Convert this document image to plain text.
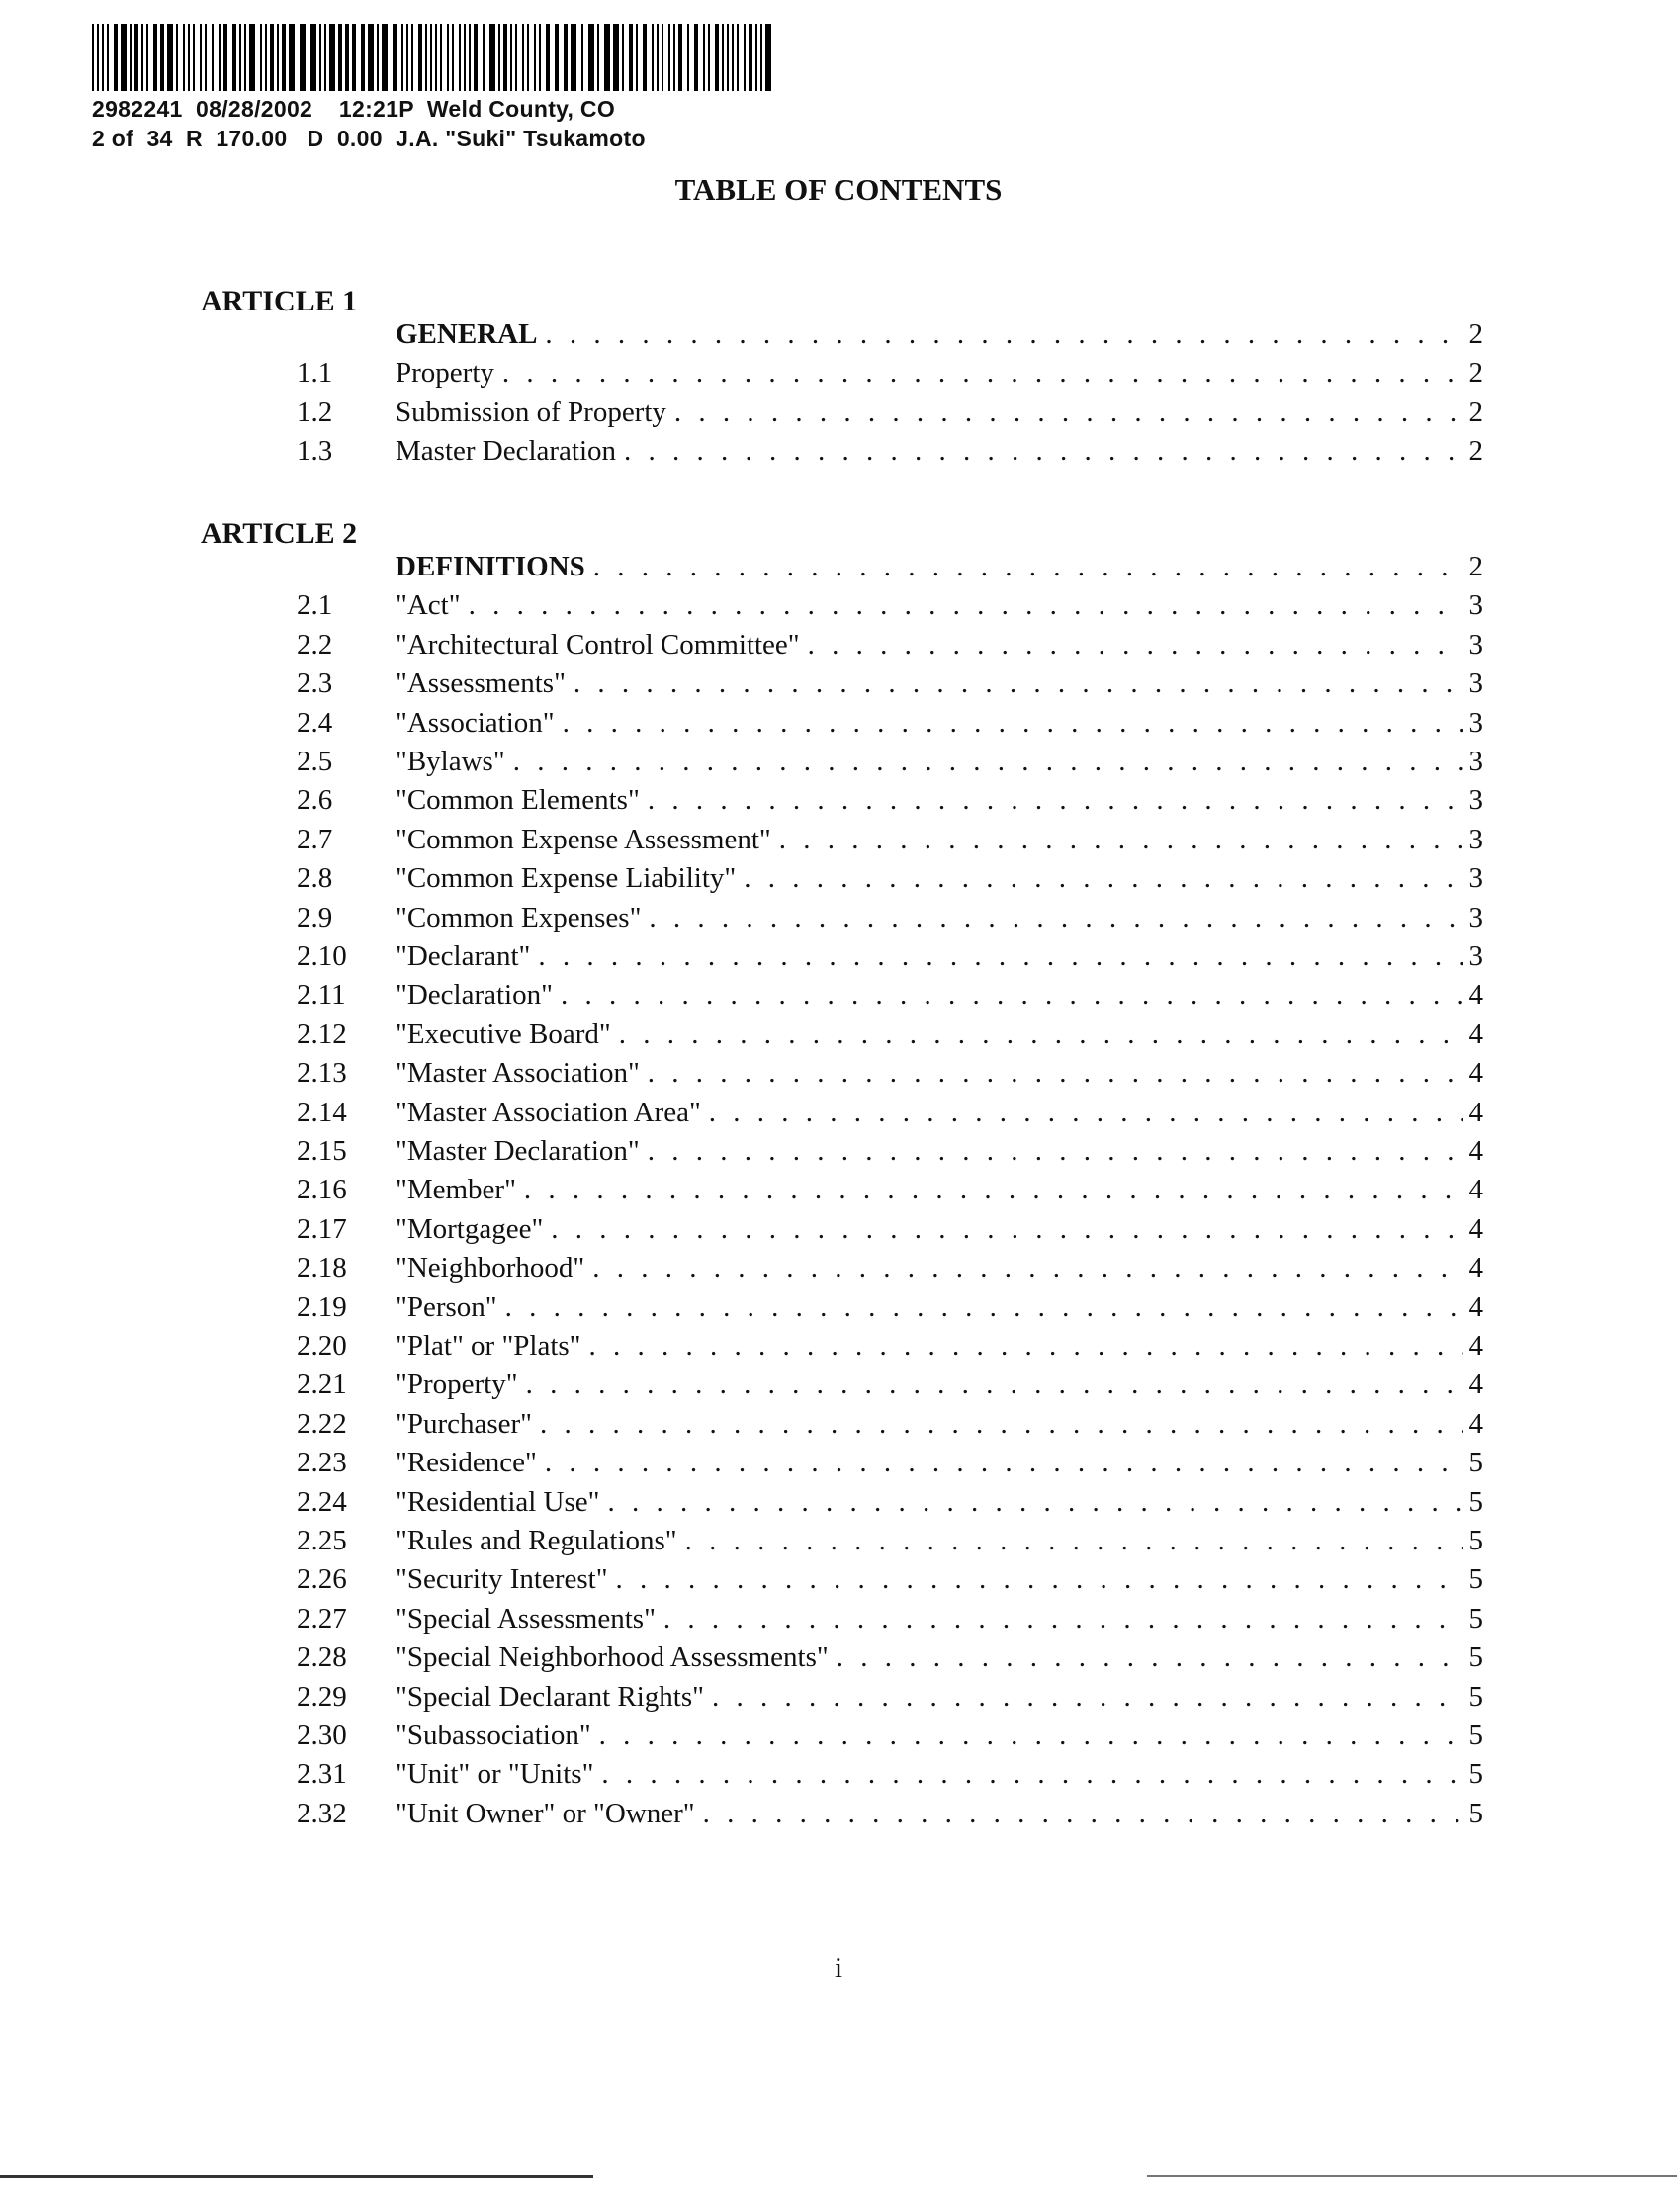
2982241  08/28/2002    12:21P  Weld County, CO
2 of  34  R  170.00   D  0.00  J.A. "Suki" Tsukamoto
TABLE OF CONTENTS
ARTICLE 1
GENERAL . . .	2
1.1	Property . . .	2
1.2	Submission of Property . . .	2
1.3	Master Declaration . . .	2
ARTICLE 2
DEFINITIONS . . .	2
2.1	"Act" . . .	3
2.2	"Architectural Control Committee" . . .	3
2.3	"Assessments" . . .	3
2.4	"Association" . . .	3
2.5	"Bylaws" . . .	3
2.6	"Common Elements" . . .	3
2.7	"Common Expense Assessment" . . .	3
2.8	"Common Expense Liability" . . .	3
2.9	"Common Expenses" . . .	3
2.10	"Declarant" . . .	3
2.11	"Declaration" . . .	4
2.12	"Executive Board" . . .	4
2.13	"Master Association" . . .	4
2.14	"Master Association Area" . . .	4
2.15	"Master Declaration" . . .	4
2.16	"Member" . . .	4
2.17	"Mortgagee" . . .	4
2.18	"Neighborhood" . . .	4
2.19	"Person" . . .	4
2.20	"Plat" or "Plats" . . .	4
2.21	"Property" . . .	4
2.22	"Purchaser" . . .	4
2.23	"Residence" . . .	5
2.24	"Residential Use" . . .	5
2.25	"Rules and Regulations" . . .	5
2.26	"Security Interest" . . .	5
2.27	"Special Assessments" . . .	5
2.28	"Special Neighborhood Assessments" . . .	5
2.29	"Special Declarant Rights" . . .	5
2.30	"Subassociation" . . .	5
2.31	"Unit" or "Units" . . .	5
2.32	"Unit Owner" or "Owner" . . .	5
i
